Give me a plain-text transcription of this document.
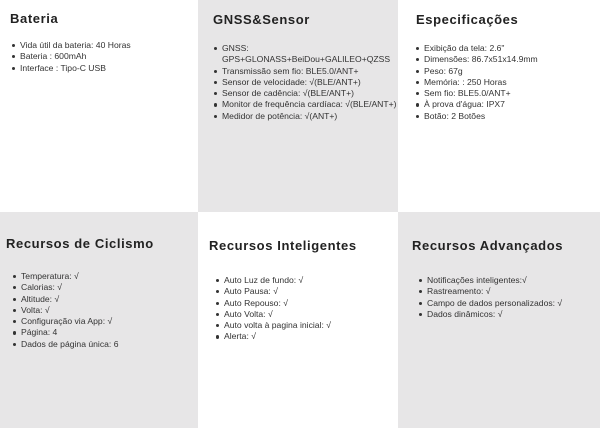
Bateria
Vida útil da bateria: 40 Horas
Bateria : 600mAh
Interface : Tipo-C USB
GNSS&Sensor
GNSS:
GPS+GLONASS+BeiDou+GALILEO+QZSS
Transmissão sem fio: BLE5.0/ANT+
Sensor de velocidade: √(BLE/ANT+)
Sensor de cadência: √(BLE/ANT+)
Monitor de frequência cardíaca: √(BLE/ANT+)
Medidor de potência: √(ANT+)
Especificações
Exibição da tela: 2.6"
Dimensões: 86.7x51x14.9mm
Peso: 67g
Memória: : 250 Horas
Sem fio: BLE5.0/ANT+
À prova d'água: IPX7
Botão: 2 Botões
Recursos de Ciclismo
Temperatura: √
Calorias: √
Altitude: √
Volta: √
Configuração via App: √
Página: 4
Dados de página única: 6
Recursos Inteligentes
Auto Luz de fundo: √
Auto Pausa: √
Auto Repouso: √
Auto Volta: √
Auto volta à pagina inicial: √
Alerta: √
Recursos Advançados
Notificações inteligentes:√
Rastreamento: √
Campo de dados personalizados: √
Dados dinâmicos: √
